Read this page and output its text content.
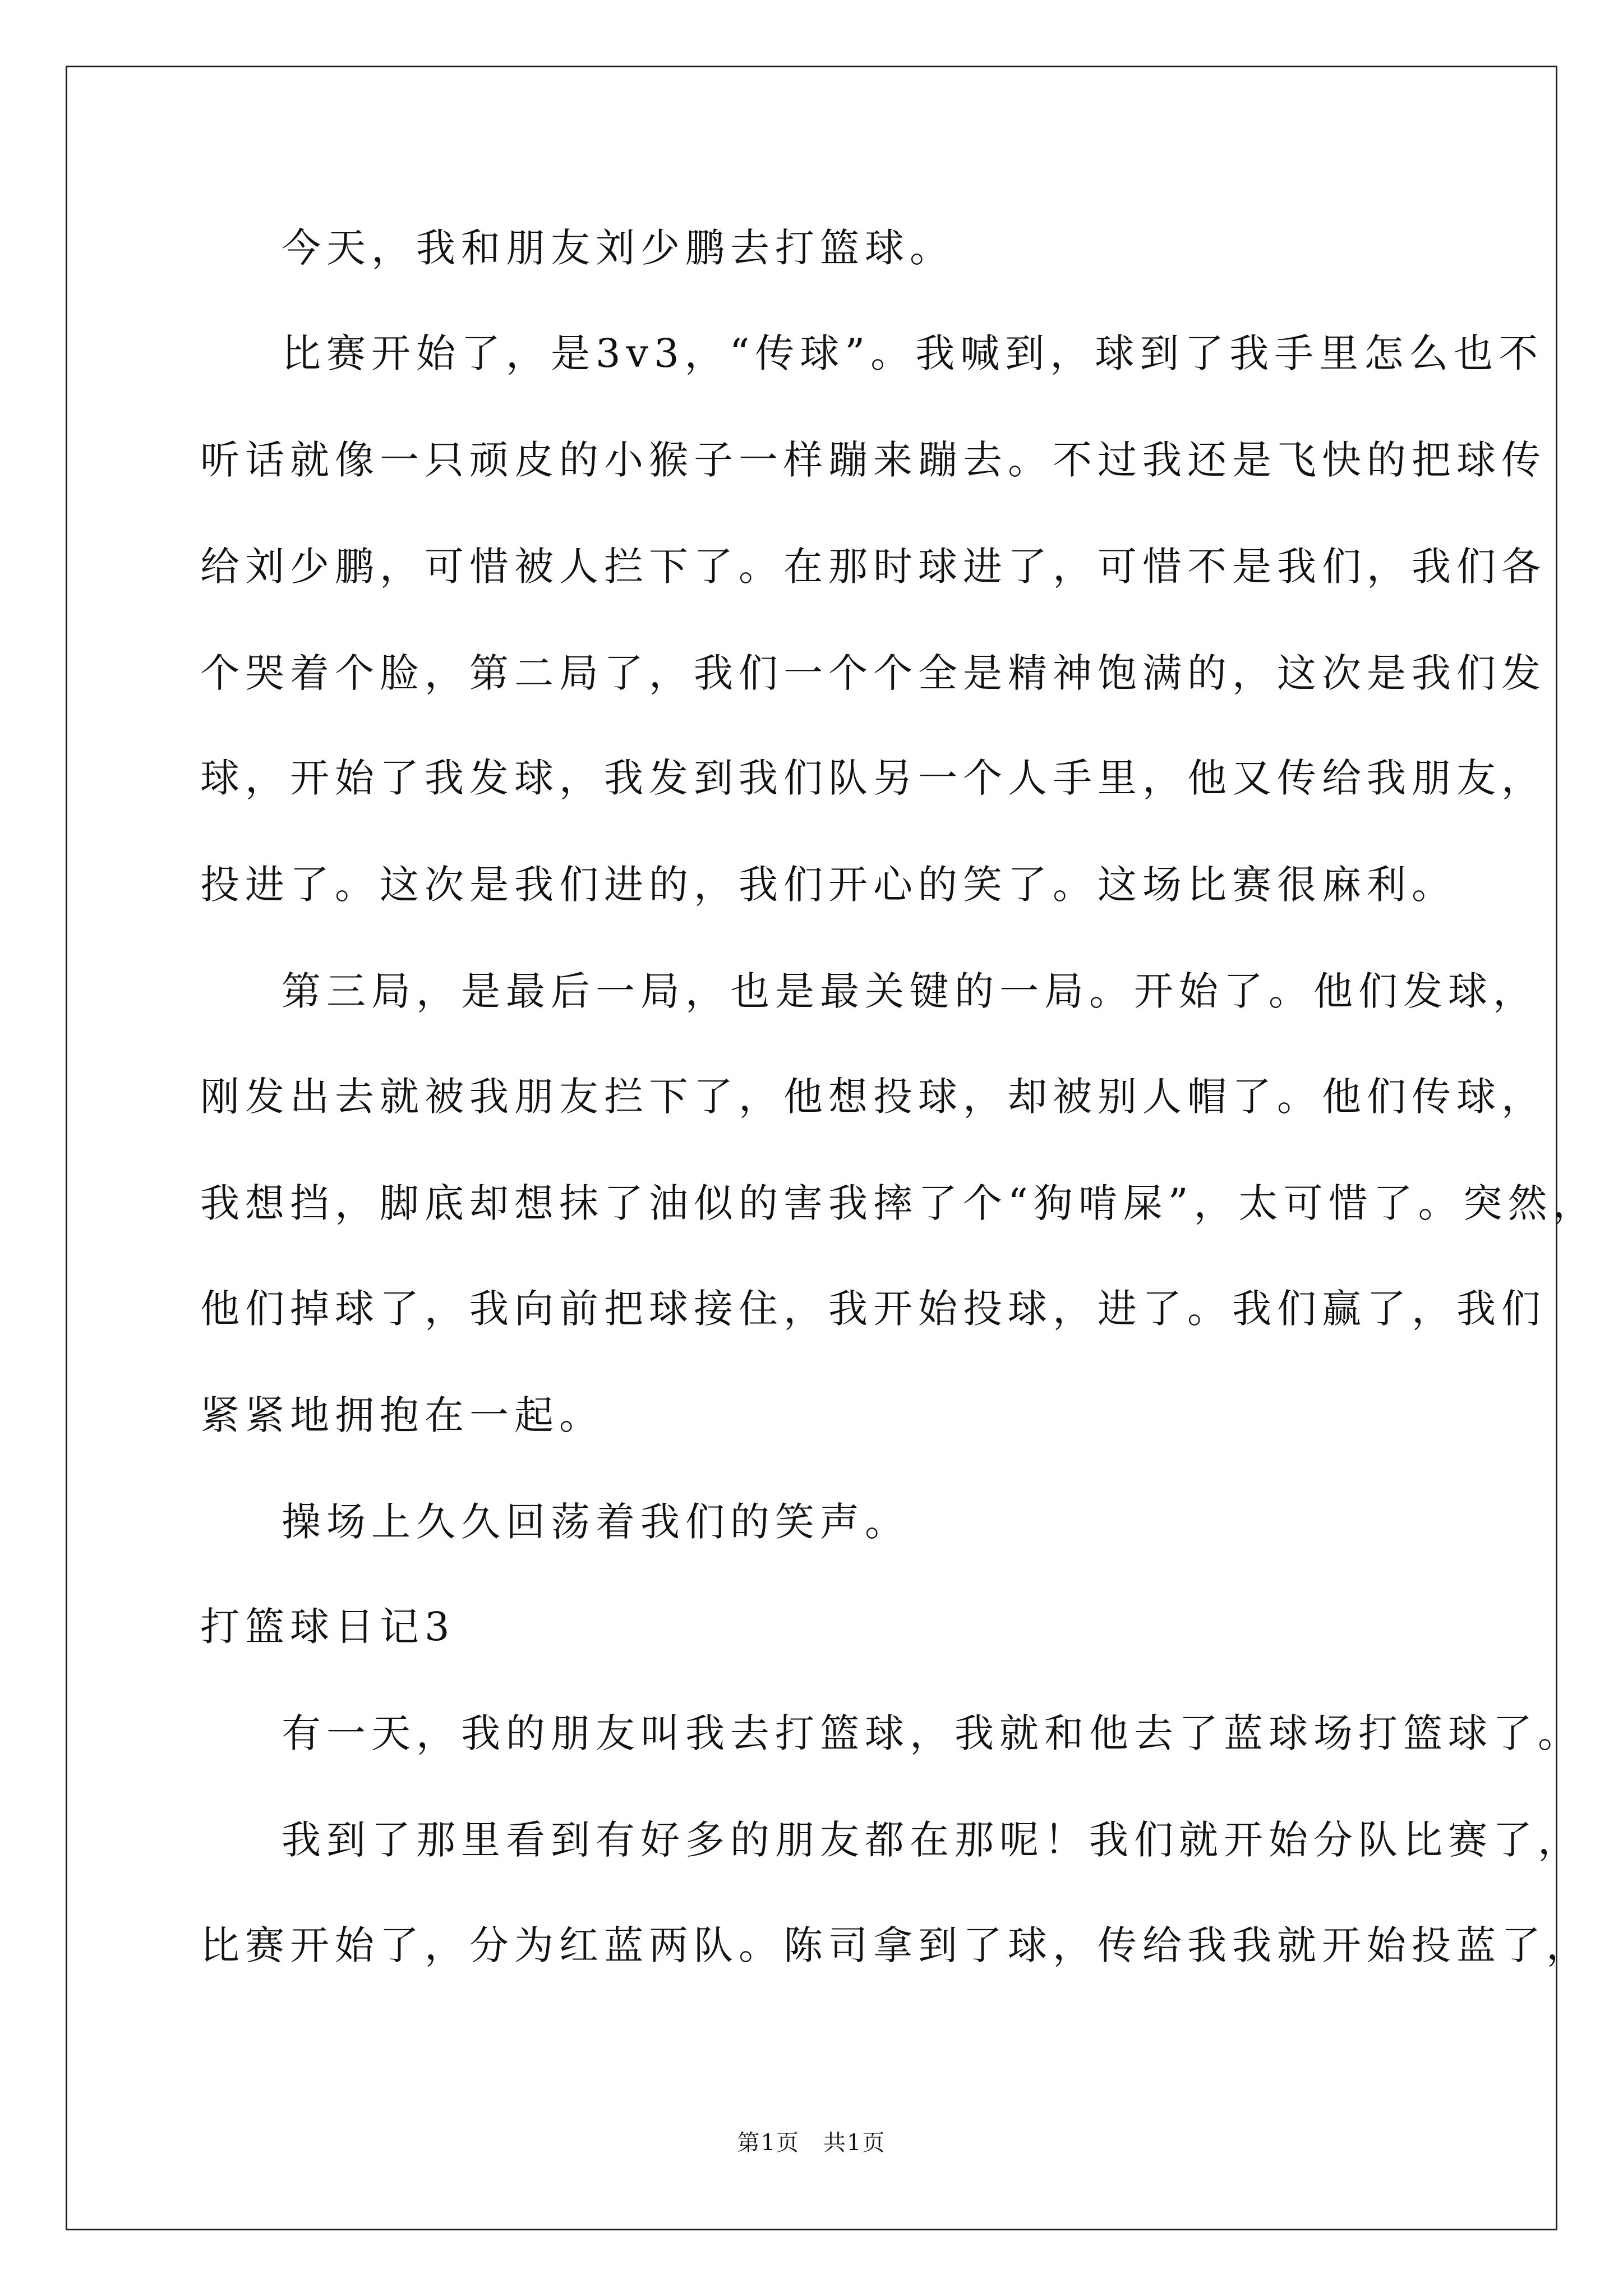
今天，我和朋友刘少鹏去打篮球。
比赛开始了，是3v3，“传球”。我喊到，球到了我手里怎么也不
听话就像一只顽皮的小猴子一样蹦来蹦去。不过我还是飞快的把球传
给刘少鹏，可惜被人拦下了。在那时球进了，可惜不是我们，我们各
个哭着个脸，第二局了，我们一个个全是精神饱满的，这次是我们发
球，开始了我发球，我发到我们队另一个人手里，他又传给我朋友，
投进了。这次是我们进的，我们开心的笑了。这场比赛很麻利。
第三局，是最后一局，也是最关键的一局。开始了。他们发球，
刚发出去就被我朋友拦下了，他想投球，却被别人帽了。他们传球，
我想挡，脚底却想抹了油似的害我摔了个“狗啃屎”，太可惜了。突然，
他们掉球了，我向前把球接住，我开始投球，进了。我们赢了，我们
紧紧地拥抱在一起。
操场上久久回荡着我们的笑声。
打篮球日记3
有一天，我的朋友叫我去打篮球，我就和他去了蓝球场打篮球了。
我到了那里看到有好多的朋友都在那呢！我们就开始分队比赛了，
比赛开始了，分为红蓝两队。陈司拿到了球，传给我我就开始投蓝了，
第1页　共1页
